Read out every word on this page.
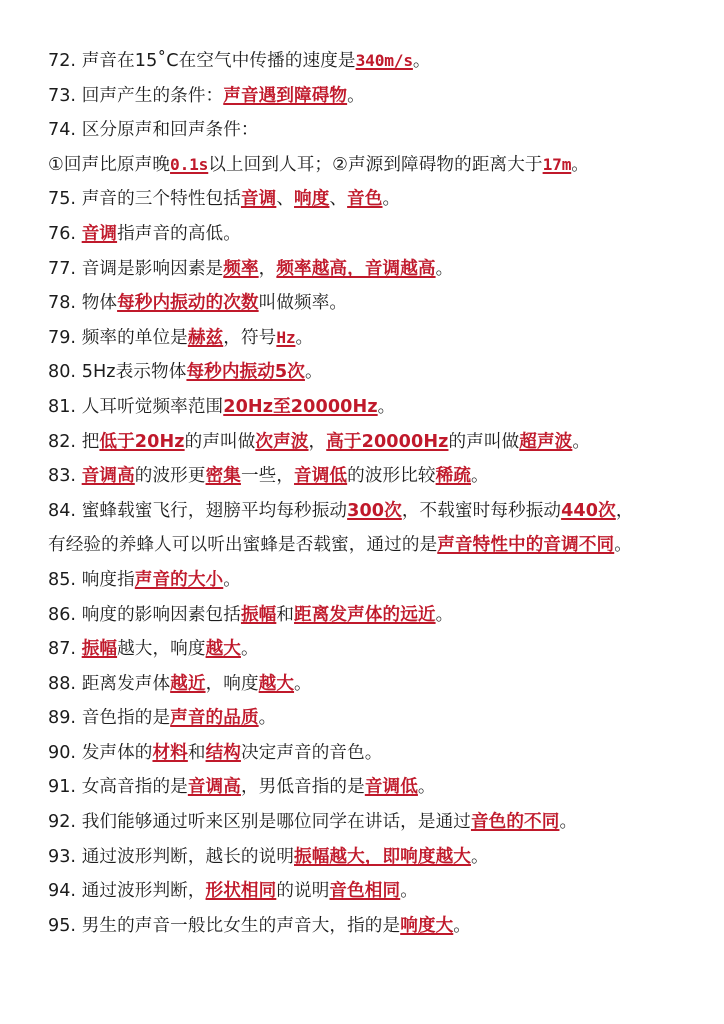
72. 声音在15˚C在空气中传播的速度是340m/s。
73. 回声产生的条件：声音遇到障碍物。
74. 区分原声和回声条件：
①回声比原声晚0.1s以上回到人耳；②声源到障碍物的距离大于17m。
75. 声音的三个特性包括音调、响度、音色。
76. 音调指声音的高低。
77. 音调是影响因素是频率，频率越高，音调越高。
78. 物体每秒内振动的次数叫做频率。
79. 频率的单位是赫兹，符号Hz。
80. 5Hz表示物体每秒内振动5次。
81. 人耳听觉频率范围20Hz至20000Hz。
82. 把低于20Hz的声叫做次声波，高于20000Hz的声叫做超声波。
83. 音调高的波形更密集一些，音调低的波形比较稀疏。
84. 蜜蜂载蜜飞行，翅膀平均每秒振动300次，不载蜜时每秒振动440次，
有经验的养蜂人可以听出蜜蜂是否载蜜，通过的是声音特性中的音调不同。
85. 响度指声音的大小。
86. 响度的影响因素包括振幅和距离发声体的远近。
87. 振幅越大，响度越大。
88. 距离发声体越近，响度越大。
89. 音色指的是声音的品质。
90. 发声体的材料和结构决定声音的音色。
91. 女高音指的是音调高，男低音指的是音调低。
92. 我们能够通过听来区别是哪位同学在讲话，是通过音色的不同。
93. 通过波形判断，越长的说明振幅越大，即响度越大。
94. 通过波形判断，形状相同的说明音色相同。
95. 男生的声音一般比女生的声音大，指的是响度大。
